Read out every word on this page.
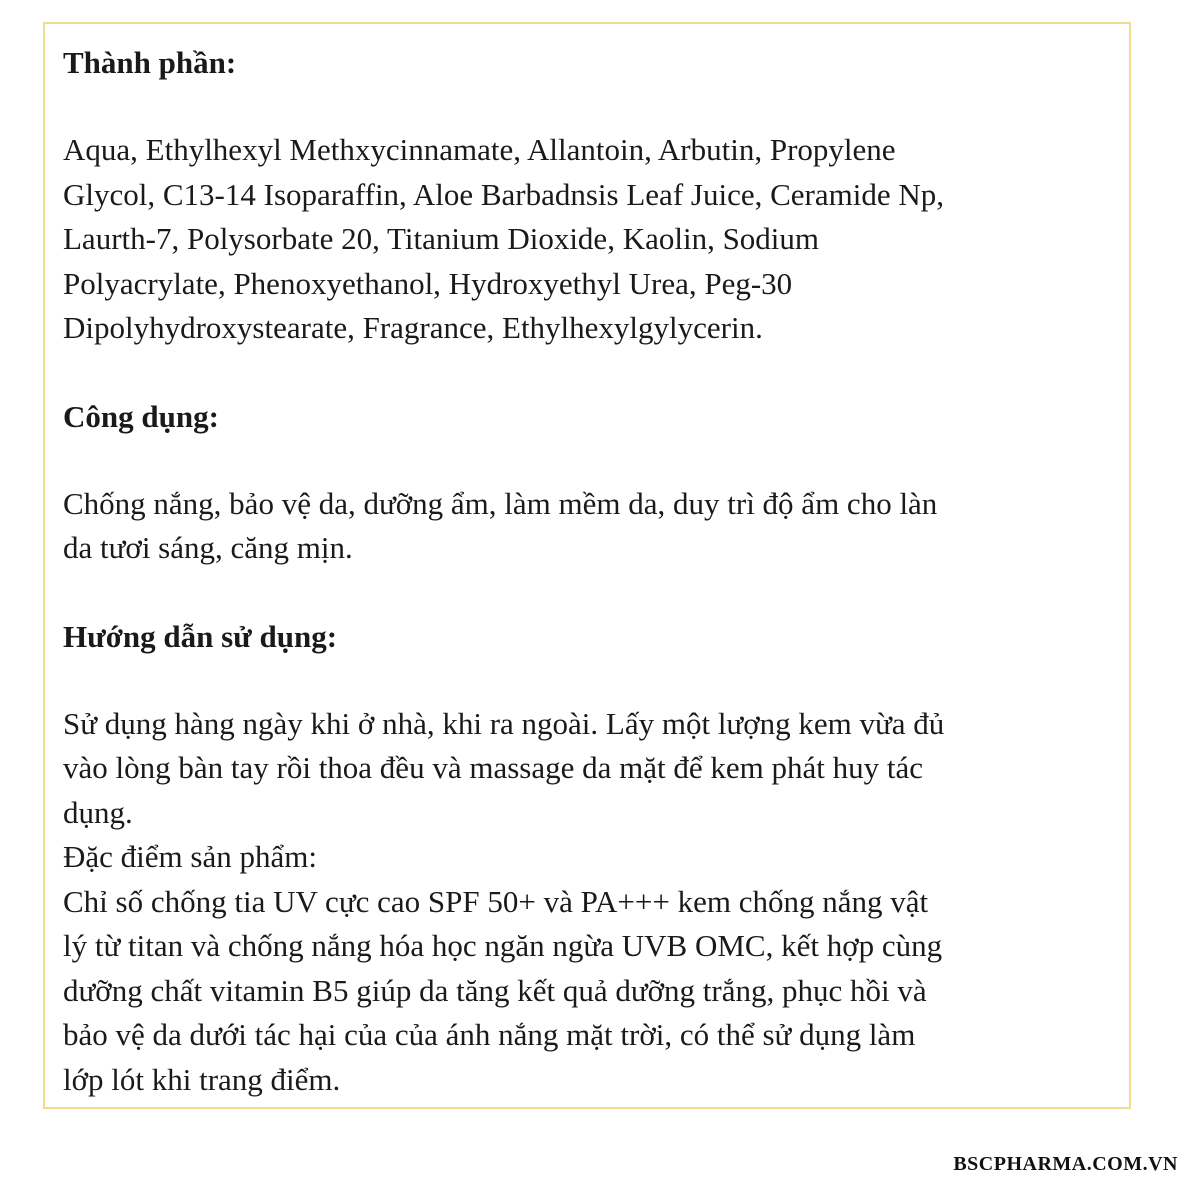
Thành phần:

Aqua, Ethylhexyl Methxycinnamate, Allantoin, Arbutin, Propylene
Glycol, C13-14 Isoparaffin, Aloe Barbadnsis Leaf Juice, Ceramide Np,
Laurth-7, Polysorbate 20, Titanium Dioxide, Kaolin, Sodium
Polyacrylate, Phenoxyethanol, Hydroxyethyl Urea, Peg-30
Dipolyhydroxystearate, Fragrance, Ethylhexylgylycerin.

Công dụng:

Chống nắng, bảo vệ da, dưỡng ẩm, làm mềm da, duy trì độ ẩm cho làn
da tươi sáng, căng mịn.

Hướng dẫn sử dụng:

Sử dụng hàng ngày khi ở nhà, khi ra ngoài. Lấy một lượng kem vừa đủ
vào lòng bàn tay rồi thoa đều và massage da mặt để kem phát huy tác
dụng.

Đặc điểm sản phẩm:

Chỉ số chống tia UV cực cao SPF 50+ và PA+++ kem chống nắng vật
lý từ titan và chống nắng hóa học ngăn ngừa UVB OMC, kết hợp cùng
dưỡng chất vitamin B5 giúp da tăng kết quả dưỡng trắng, phục hồi và
bảo vệ da dưới tác hại của của ánh nắng mặt trời, có thể sử dụng làm
lớp lót khi trang điểm.

BSCPHARMA.COM.VN
